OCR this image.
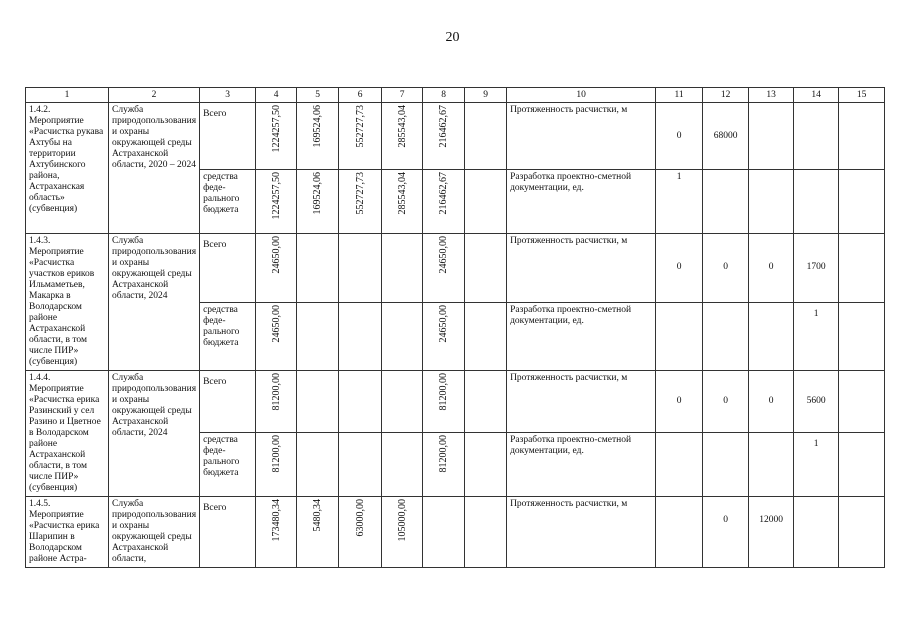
20
1	2	3	4	5	6	7	8	9	10	11	12	13	14	15
1.4.2. Мероприятие «Расчистка рукава Ахтубы на территории Ахтубинского района, Астраханская область» (субвенция)	Служба природопользования и охраны окружающей среды Астраханской области, 2020 – 2024	Всего	1224257,50	169524,06	552727,73	285543,04	216462,67		Протяженность расчистки, м	0	68000			
		средства феде-рального бюджета	1224257,50	169524,06	552727,73	285543,04	216462,67		Разработка проектно-сметной документации, ед.	1				
1.4.3. Мероприятие «Расчистка участков ериков Ильмаметьев, Макарка в Володарском районе Астраханской области, в том числе ПИР» (субвенция)	Служба природопользования и охраны окружающей среды Астраханской области, 2024	Всего	24650,00				24650,00		Протяженность расчистки, м	0	0	0	1700	
		средства феде-рального бюджета	24650,00				24650,00		Разработка проектно-сметной документации, ед.				1	
1.4.4. Мероприятие «Расчистка ерика Разинский у сел Разино и Цветное в Володарском районе Астраханской области, в том числе ПИР» (субвенция)	Служба природопользования и охраны окружающей среды Астраханской области, 2024	Всего	81200,00				81200,00		Протяженность расчистки, м	0	0	0	5600	
		средства феде-рального бюджета	81200,00				81200,00		Разработка проектно-сметной документации, ед.				1	
1.4.5. Мероприятие «Расчистка ерика Шарипин в Володарском районе Астра-	Служба природопользования и охраны окружающей среды Астраханской области,	Всего	173480,34	5480,34	63000,00	105000,00			Протяженность расчистки, м		0	12000		
